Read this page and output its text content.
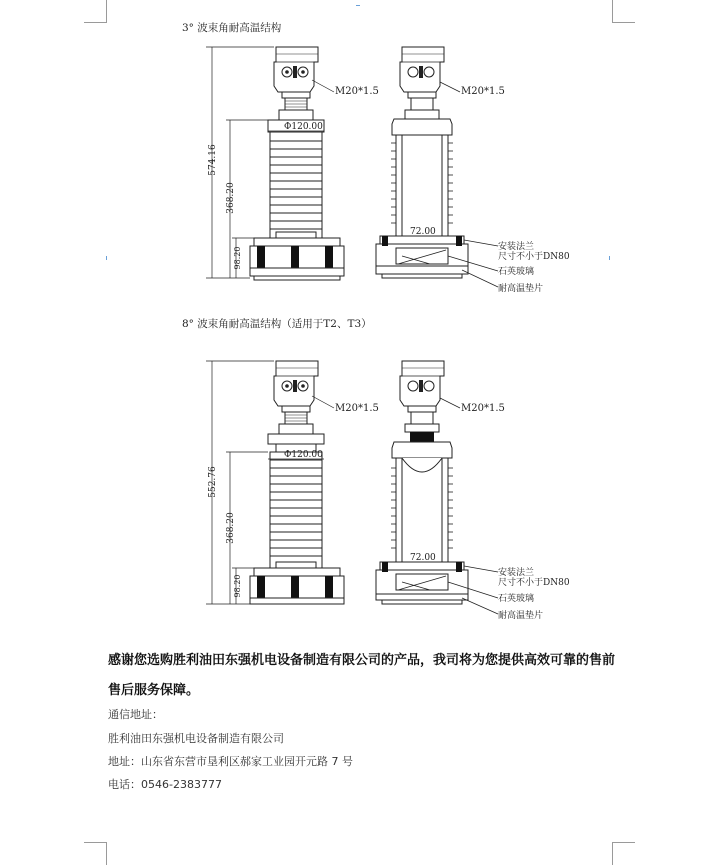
3° 波束角耐高温结构
8° 波束角耐高温结构（适用于T2、T3）
574.16
368.20
98.20
Φ120.00
M20*1.5
72.00
M20*1.5
安装法兰
尺寸不小于DN80
石英玻璃
耐高温垫片
552.76
368.20
98.20
Φ120.00
M20*1.5
72.00
M20*1.5
安装法兰
尺寸不小于DN80
石英玻璃
耐高温垫片

感谢您选购胜利油田东强机电设备制造有限公司的产品，我司将为您提供高效可靠的售前售后服务保障。

通信地址：
胜利油田东强机电设备制造有限公司
地址：山东省东营市垦利区郝家工业园开元路 7 号
电话：0546-2383777
